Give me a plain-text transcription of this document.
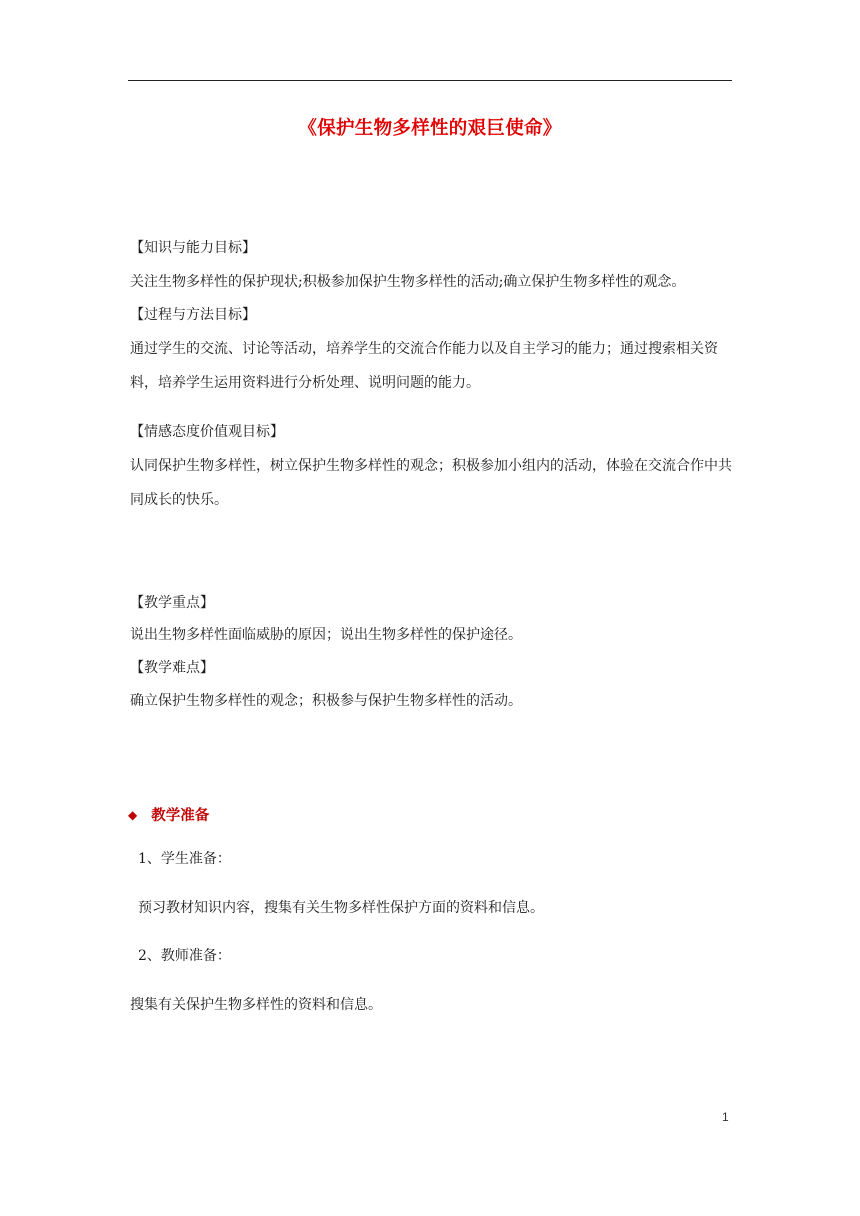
《保护生物多样性的艰巨使命》
【知识与能力目标】
关注生物多样性的保护现状;积极参加保护生物多样性的活动;确立保护生物多样性的观念。
【过程与方法目标】
通过学生的交流、讨论等活动，培养学生的交流合作能力以及自主学习的能力；通过搜索相关资料，培养学生运用资料进行分析处理、说明问题的能力。
【情感态度价值观目标】
认同保护生物多样性，树立保护生物多样性的观念；积极参加小组内的活动，体验在交流合作中共同成长的快乐。
【教学重点】
说出生物多样性面临威胁的原因；说出生物多样性的保护途径。
【教学难点】
确立保护生物多样性的观念；积极参与保护生物多样性的活动。
◆ 教学准备
1、学生准备：
预习教材知识内容，搜集有关生物多样性保护方面的资料和信息。
2、教师准备：
搜集有关保护生物多样性的资料和信息。
1
